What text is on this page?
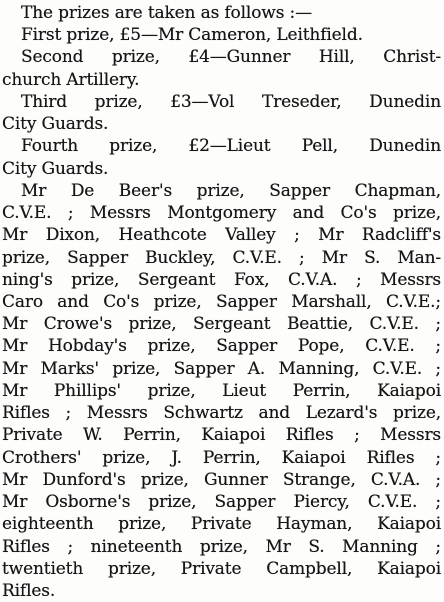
The prizes are taken as follows :—
First prize, £5—Mr Cameron, Leithfield.
Second prize, £4—Gunner Hill, Christ-
church Artillery.
Third prize, £3—Vol Treseder, Dunedin
City Guards.
Fourth prize, £2—Lieut Pell, Dunedin
City Guards.
Mr De Beer's prize, Sapper Chapman,
C.V.E. ; Messrs Montgomery and Co's prize,
Mr Dixon, Heathcote Valley ; Mr Radcliff's
prize, Sapper Buckley, C.V.E. ; Mr S. Man-
ning's prize, Sergeant Fox, C.V.A. ; Messrs
Caro and Co's prize, Sapper Marshall, C.V.E.;
Mr Crowe's prize, Sergeant Beattie, C.V.E. ;
Mr Hobday's prize, Sapper Pope, C.V.E. ;
Mr Marks' prize, Sapper A. Manning, C.V.E. ;
Mr Phillips' prize, Lieut Perrin, Kaiapoi
Rifles ; Messrs Schwartz and Lezard's prize,
Private W. Perrin, Kaiapoi Rifles ; Messrs
Crothers' prize, J. Perrin, Kaiapoi Rifles ;
Mr Dunford's prize, Gunner Strange, C.V.A. ;
Mr Osborne's prize, Sapper Piercy, C.V.E. ;
eighteenth prize, Private Hayman, Kaiapoi
Rifles ; nineteenth prize, Mr S. Manning ;
twentieth prize, Private Campbell, Kaiapoi
Rifles.
